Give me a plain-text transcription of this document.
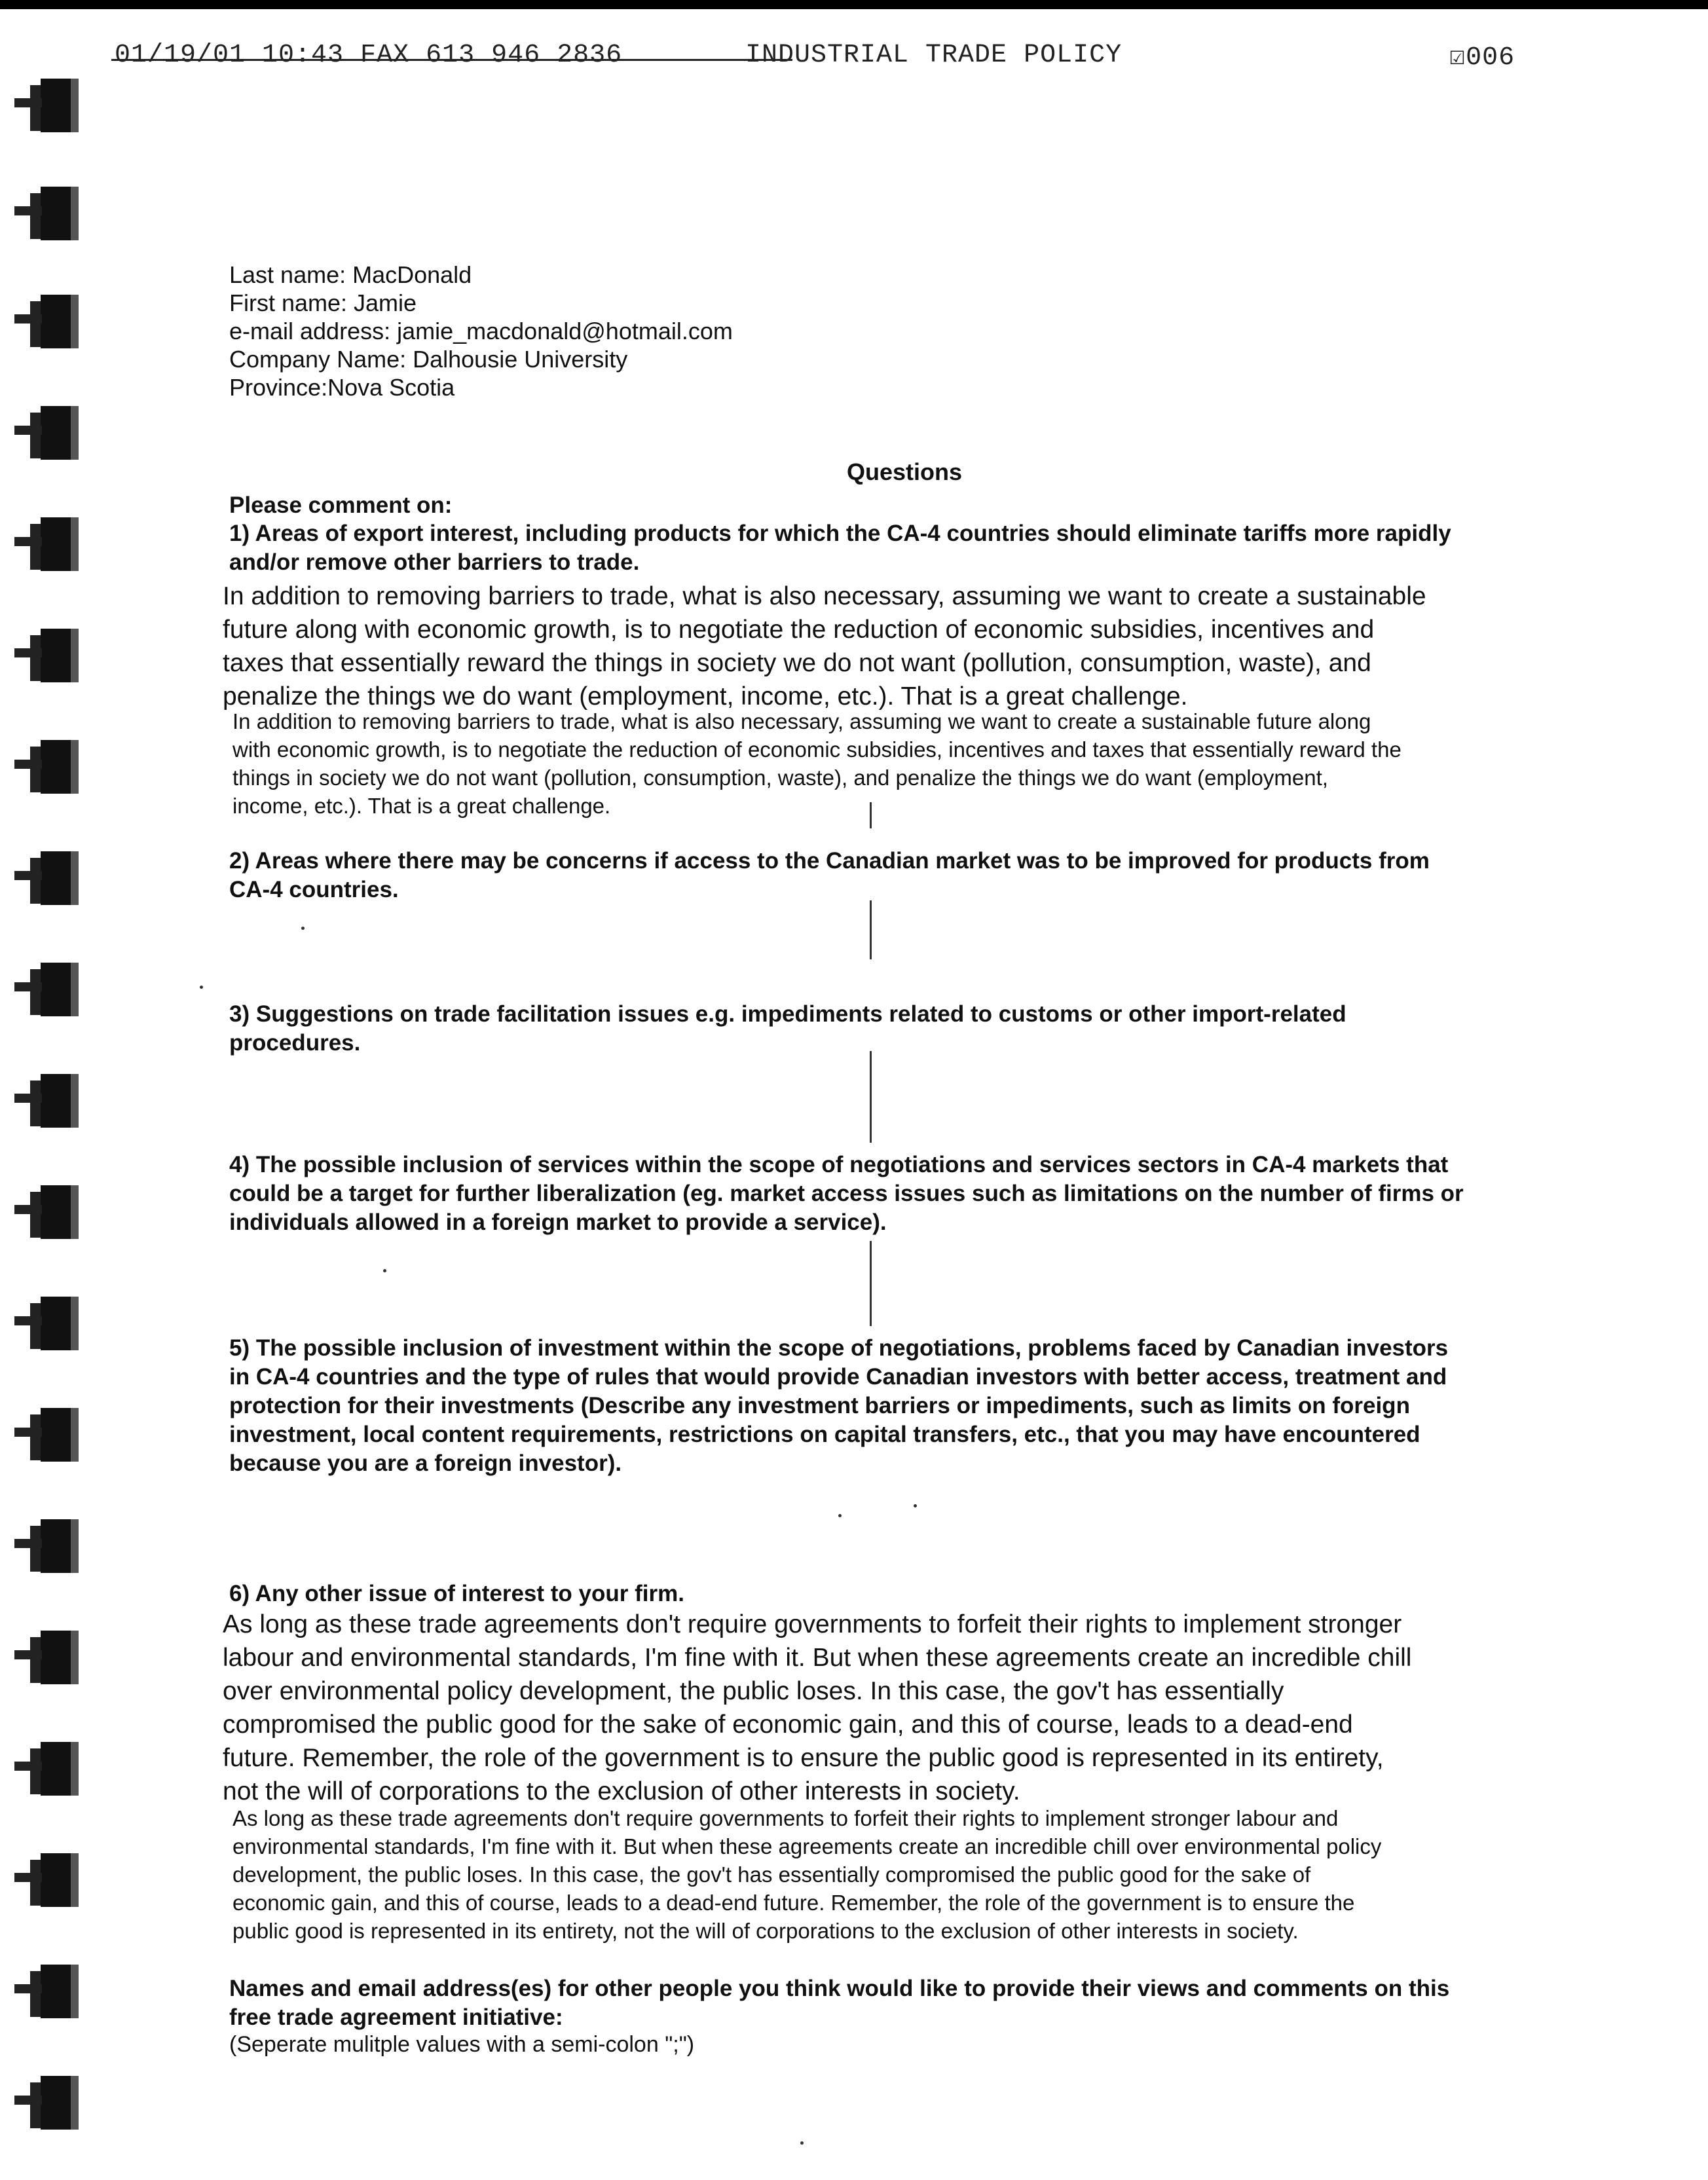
01/19/01 10:43 FAX 613 946 2836	INDUSTRIAL TRADE POLICY	☑006
Last name: MacDonald
First name: Jamie
e-mail address: jamie_macdonald@hotmail.com
Company Name: Dalhousie University
Province:Nova Scotia
Questions
Please comment on:
1) Areas of export interest, including products for which the CA-4 countries should eliminate tariffs more rapidly
and/or remove other barriers to trade.
In addition to removing barriers to trade, what is also necessary, assuming we want to create a sustainable
future along with economic growth, is to negotiate the reduction of economic subsidies, incentives and
taxes that essentially reward the things in society we do not want (pollution, consumption, waste), and
penalize the things we do want (employment, income, etc.). That is a great challenge.
In addition to removing barriers to trade, what is also necessary, assuming we want to create a sustainable future along
with economic growth, is to negotiate the reduction of economic subsidies, incentives and taxes that essentially reward the
things in society we do not want (pollution, consumption, waste), and penalize the things we do want (employment,
income, etc.). That is a great challenge.
2) Areas where there may be concerns if access to the Canadian market was to be improved for products from
CA-4 countries.
3) Suggestions on trade facilitation issues e.g. impediments related to customs or other import-related
procedures.
4) The possible inclusion of services within the scope of negotiations and services sectors in CA-4 markets that
could be a target for further liberalization (eg. market access issues such as limitations on the number of firms or
individuals allowed in a foreign market to provide a service).
5) The possible inclusion of investment within the scope of negotiations, problems faced by Canadian investors
in CA-4 countries and the type of rules that would provide Canadian investors with better access, treatment and
protection for their investments (Describe any investment barriers or impediments, such as limits on foreign
investment, local content requirements, restrictions on capital transfers, etc., that you may have encountered
because you are a foreign investor).
6) Any other issue of interest to your firm.
As long as these trade agreements don't require governments to forfeit their rights to implement stronger
labour and environmental standards, I'm fine with it. But when these agreements create an incredible chill
over environmental policy development, the public loses. In this case, the gov't has essentially
compromised the public good for the sake of economic gain, and this of course, leads to a dead-end
future. Remember, the role of the government is to ensure the public good is represented in its entirety,
not the will of corporations to the exclusion of other interests in society.
As long as these trade agreements don't require governments to forfeit their rights to implement stronger labour and
environmental standards, I'm fine with it. But when these agreements create an incredible chill over environmental policy
development, the public loses. In this case, the gov't has essentially compromised the public good for the sake of
economic gain, and this of course, leads to a dead-end future. Remember, the role of the government is to ensure the
public good is represented in its entirety, not the will of corporations to the exclusion of other interests in society.
Names and email address(es) for other people you think would like to provide their views and comments on this
free trade agreement initiative:
(Seperate mulitple values with a semi-colon ";")
